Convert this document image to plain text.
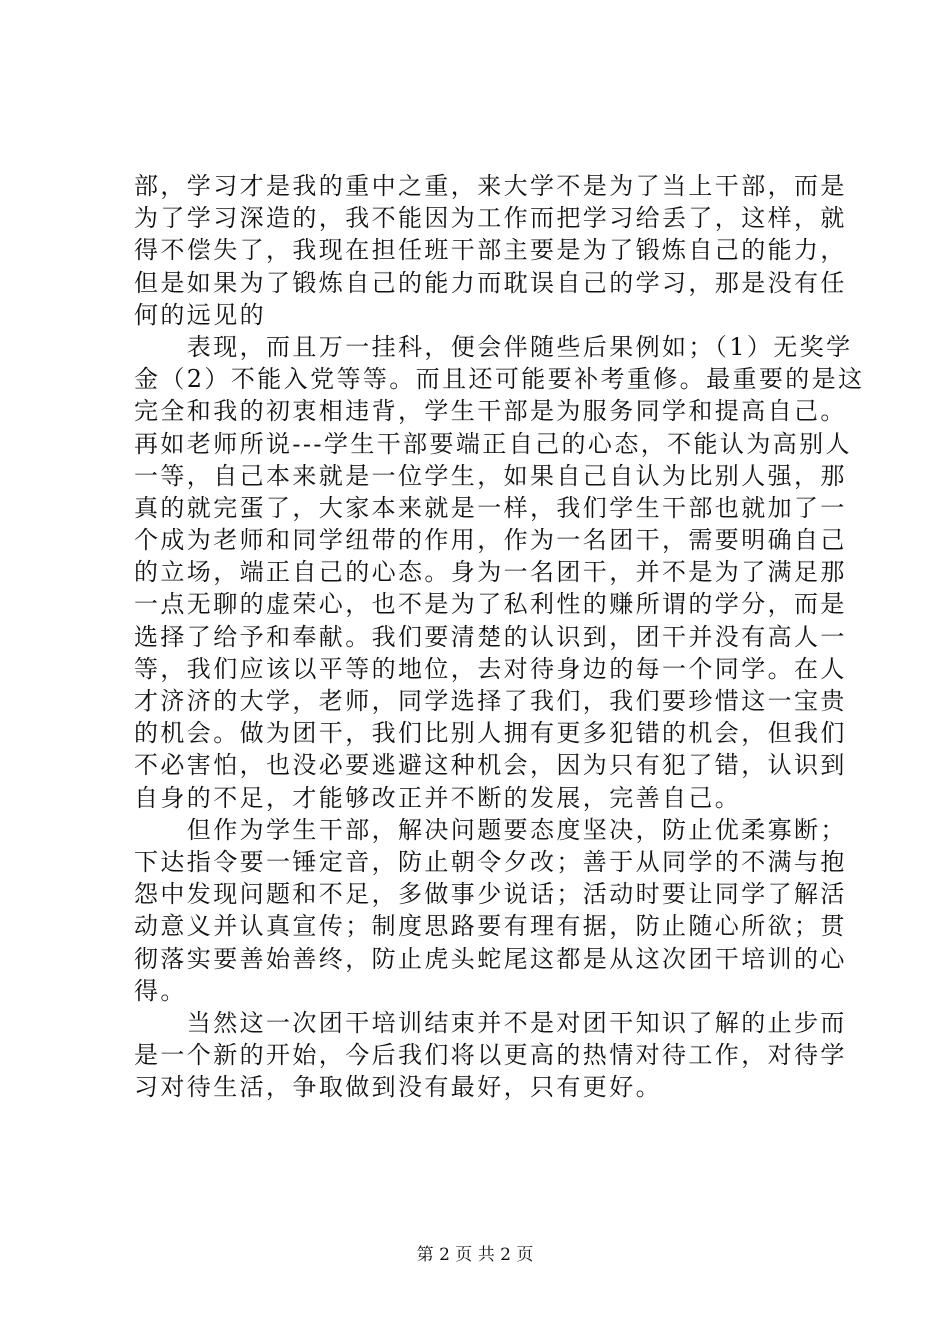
部，学习才是我的重中之重，来大学不是为了当上干部，而是
为了学习深造的，我不能因为工作而把学习给丢了，这样，就
得不偿失了，我现在担任班干部主要是为了锻炼自己的能力，
但是如果为了锻炼自己的能力而耽误自己的学习，那是没有任
何的远见的
　　表现，而且万一挂科，便会伴随些后果例如；（1）无奖学
金（2）不能入党等等。而且还可能要补考重修。最重要的是这
完全和我的初衷相违背，学生干部是为服务同学和提高自己。
再如老师所说---学生干部要端正自己的心态，不能认为高别人
一等，自己本来就是一位学生，如果自己自认为比别人强，那
真的就完蛋了，大家本来就是一样，我们学生干部也就加了一
个成为老师和同学纽带的作用，作为一名团干，需要明确自己
的立场，端正自己的心态。身为一名团干，并不是为了满足那
一点无聊的虚荣心，也不是为了私利性的赚所谓的学分，而是
选择了给予和奉献。我们要清楚的认识到，团干并没有高人一
等，我们应该以平等的地位，去对待身边的每一个同学。在人
才济济的大学，老师，同学选择了我们，我们要珍惜这一宝贵
的机会。做为团干，我们比别人拥有更多犯错的机会，但我们
不必害怕，也没必要逃避这种机会，因为只有犯了错，认识到
自身的不足，才能够改正并不断的发展，完善自己。
　　但作为学生干部，解决问题要态度坚决，防止优柔寡断；
下达指令要一锤定音，防止朝令夕改；善于从同学的不满与抱
怨中发现问题和不足，多做事少说话；活动时要让同学了解活
动意义并认真宣传；制度思路要有理有据，防止随心所欲；贯
彻落实要善始善终，防止虎头蛇尾这都是从这次团干培训的心
得。
　　当然这一次团干培训结束并不是对团干知识了解的止步而
是一个新的开始，今后我们将以更高的热情对待工作，对待学
习对待生活，争取做到没有最好，只有更好。
第 2 页 共 2 页
